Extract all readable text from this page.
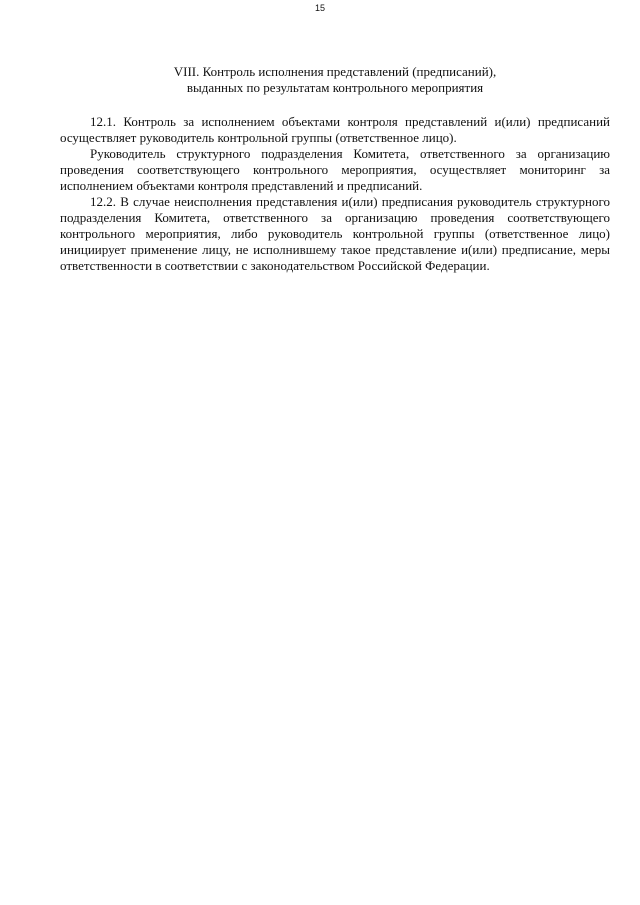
15
VIII. Контроль исполнения представлений (предписаний),
выданных по результатам контрольного мероприятия

12.1. Контроль за исполнением объектами контроля представлений и(или) предписаний осуществляет руководитель контрольной группы (ответственное лицо).

Руководитель структурного подразделения Комитета, ответственного за организацию проведения соответствующего контрольного мероприятия, осуществляет мониторинг за исполнением объектами контроля представлений и предписаний.

12.2. В случае неисполнения представления и(или) предписания руководитель структурного подразделения Комитета, ответственного за организацию проведения соответствующего контрольного мероприятия, либо руководитель контрольной группы (ответственное лицо) инициирует применение лицу, не исполнившему такое представление и(или) предписание, меры ответственности в соответствии с законодательством Российской Федерации.
